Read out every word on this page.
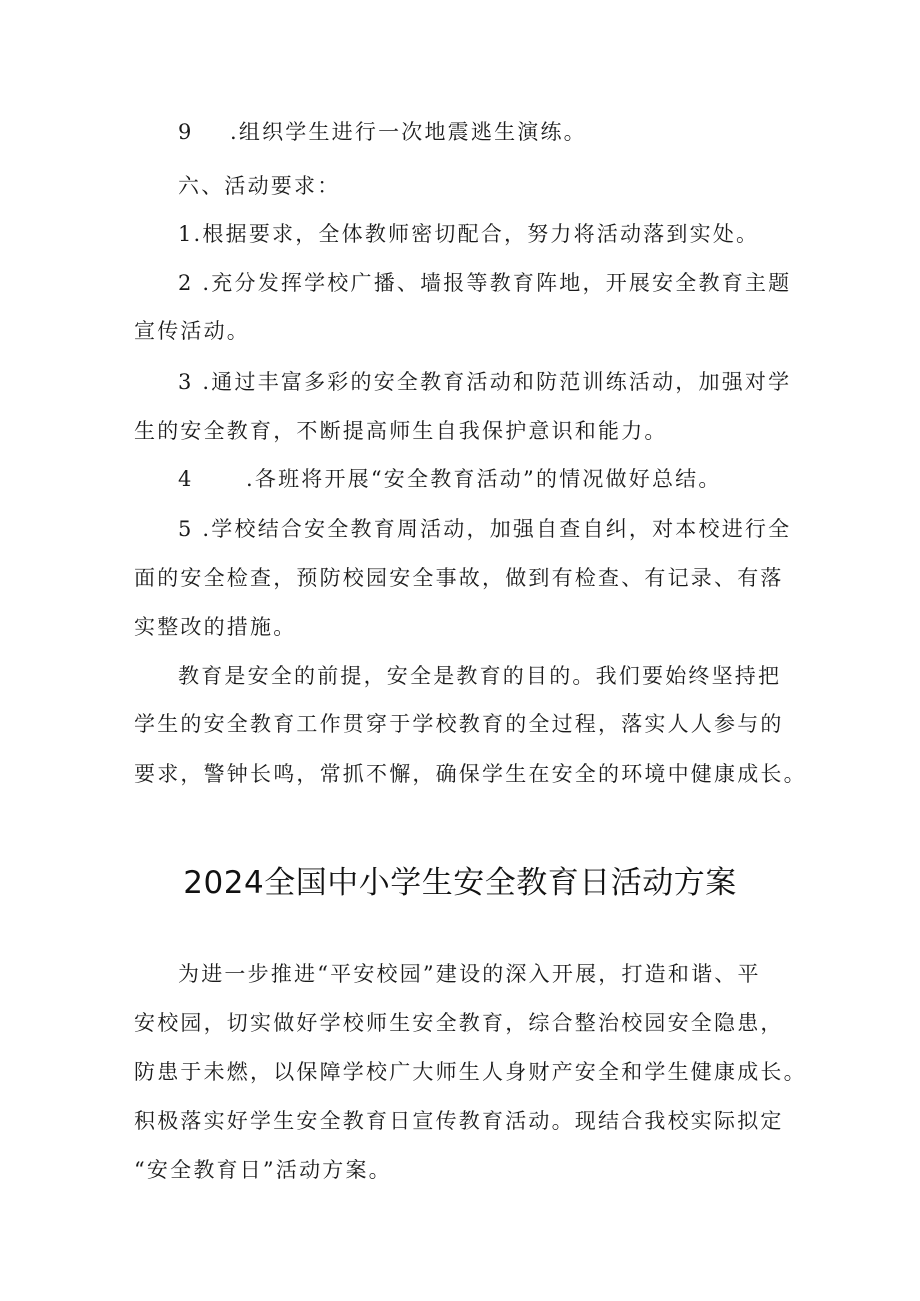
9 .组织学生进行一次地震逃生演练。
六、活动要求：
1.根据要求，全体教师密切配合，努力将活动落到实处。
2 .充分发挥学校广播、墙报等教育阵地，开展安全教育主题
宣传活动。
3 .通过丰富多彩的安全教育活动和防范训练活动，加强对学
生的安全教育，不断提高师生自我保护意识和能力。
4 .各班将开展“安全教育活动”的情况做好总结。
5 .学校结合安全教育周活动，加强自查自纠，对本校进行全
面的安全检查，预防校园安全事故，做到有检查、有记录、有落
实整改的措施。
教育是安全的前提，安全是教育的目的。我们要始终坚持把
学生的安全教育工作贯穿于学校教育的全过程，落实人人参与的
要求，警钟长鸣，常抓不懈，确保学生在安全的环境中健康成长。
2024全国中小学生安全教育日活动方案
为进一步推进“平安校园”建设的深入开展，打造和谐、平
安校园，切实做好学校师生安全教育，综合整治校园安全隐患，
防患于未燃，以保障学校广大师生人身财产安全和学生健康成长。
积极落实好学生安全教育日宣传教育活动。现结合我校实际拟定
“安全教育日”活动方案。
